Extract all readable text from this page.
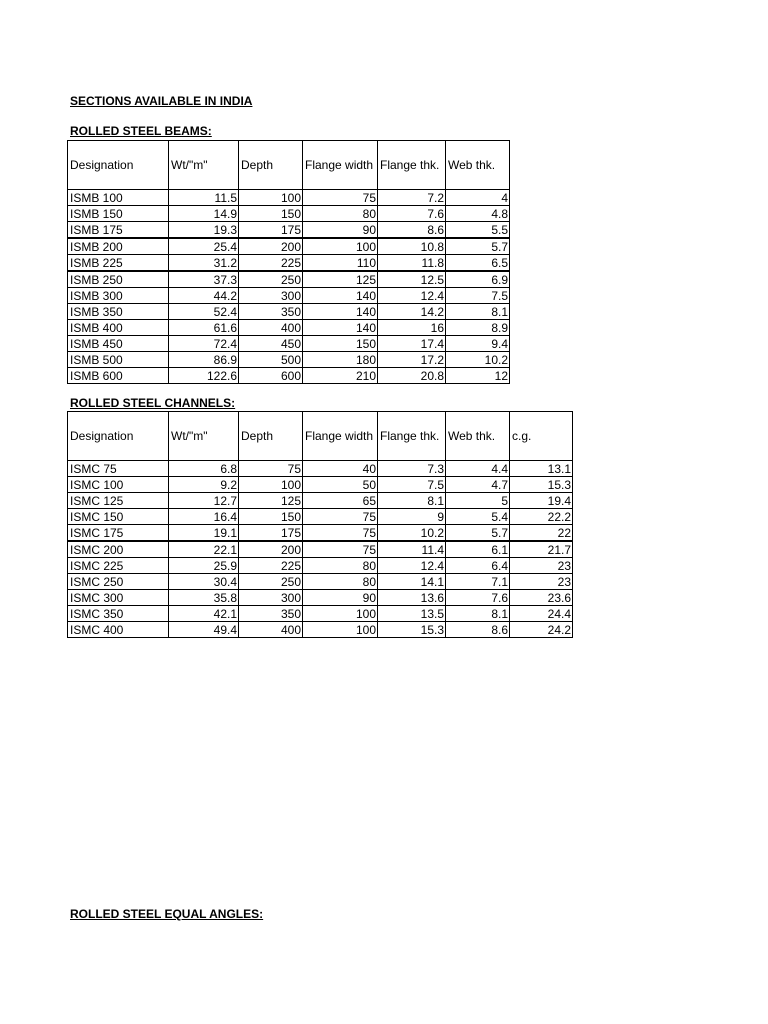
SECTIONS AVAILABLE IN INDIA
ROLLED STEEL BEAMS:
Designation	Wt/"m"	Depth	Flange width	Flange thk.	Web thk.
ISMB 100	11.5	100	75	7.2	4
ISMB 150	14.9	150	80	7.6	4.8
ISMB 175	19.3	175	90	8.6	5.5
ISMB 200	25.4	200	100	10.8	5.7
ISMB 225	31.2	225	110	11.8	6.5
ISMB 250	37.3	250	125	12.5	6.9
ISMB 300	44.2	300	140	12.4	7.5
ISMB 350	52.4	350	140	14.2	8.1
ISMB 400	61.6	400	140	16	8.9
ISMB 450	72.4	450	150	17.4	9.4
ISMB 500	86.9	500	180	17.2	10.2
ISMB 600	122.6	600	210	20.8	12
ROLLED STEEL CHANNELS:
Designation	Wt/"m"	Depth	Flange width	Flange thk.	Web thk.	c.g.
ISMC 75	6.8	75	40	7.3	4.4	13.1
ISMC 100	9.2	100	50	7.5	4.7	15.3
ISMC 125	12.7	125	65	8.1	5	19.4
ISMC 150	16.4	150	75	9	5.4	22.2
ISMC 175	19.1	175	75	10.2	5.7	22
ISMC 200	22.1	200	75	11.4	6.1	21.7
ISMC 225	25.9	225	80	12.4	6.4	23
ISMC 250	30.4	250	80	14.1	7.1	23
ISMC 300	35.8	300	90	13.6	7.6	23.6
ISMC 350	42.1	350	100	13.5	8.1	24.4
ISMC 400	49.4	400	100	15.3	8.6	24.2
ROLLED STEEL EQUAL ANGLES:
